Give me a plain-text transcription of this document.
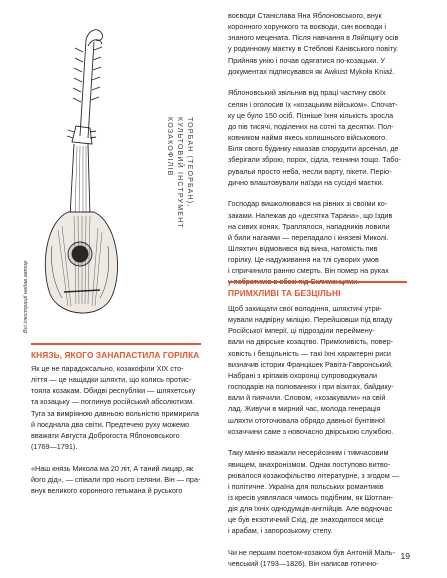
ТОРБАН (ТЕОРБАН),
КУЛЬТОВИЙ ІНСТРУМЕНТ
КОЗАКОФІЛІВ
Всі ілюстрації надав автор
КНЯЗЬ, ЯКОГО ЗАНАПАСТИЛА ГОРІЛКА

Як це не парадоксально, козакофіли XIX сто-
ліття — це нащадки шляхти, що колись протис-
тояла козакам. Обидві республіки — шляхетську
та козацьку — поглинув російський абсолютизм.
Туга за вимріяною давньою вольністю примирила
й поєднала два світи. Предтечею руху можемо
вважати Августа Доброгоста Яблоновського
(1769—1791).

«Наш князь Микола ма 20 літ, А таний лицар, як
його дід», — співали про нього селяни. Він — пра-
внук великого коронного гетьмана й руського

воєводи Станіслава Яна Яблоновського, внук
коронного хорунжого та воєводи, син воєводи і
знаного мецената. Після навчання в Ляйпцигу осів
у родинному маєтку в Стеблові Канівського повіту.
Прийняв унію і почав одягатися по-козацьки. У
документах підписувався як Awkust Mykoła Kniaź.

Яблоновський звільнив від праці частину своїх
селян і оголосив їх «козацьким військом». Спочат-
ку це було 150 осіб. Пізніше їхня кількість зросла
до пів тисячі, поділених на сотні та десятки. Пол-
ковником наймя якесь колишнього військового.
Біля свого будинку наказав спорудити арсенал, де
зберігали зброю, порох, сідла, технини тощо. Табо-
рувальи просто неба, несли варту, пікети. Періо-
дично влаштовували наїзди на сусідні маєтки.

Господар вишколювався на рівних зі своїми ко-
заками. Належав до «десятка Тарана», що їздив
на сивих конях. Траплялося, нападників ловили
й били нагаями — перепадало і князеві Миколі.
Шляхтич відмовився від вина, натомість пив
горілку. Це надуживання на тлі суворих умов
і спричинило ранню смерть. Він помер на руках

ПРИМХЛИВІ ТА БЕЗЦІЛЬНІ

Щоб захищати свої володіння, шляхтичі утри-
мували надвірну міліцію. Перейшовши під владу
Російської імперії, ці підрозділи переймену-
вали на двірське козацтво. Примхливість, повер-
ховість і безцільність — такі їхні характерні риси
визначив історик Францішек Равіта-Гавронський.
Набрані з кріпаків охоронці супроводжували
господарів на полюваннях і при візитах, байдику-
вали й пиячили. Словом, «козакували» на свій
лад. Живучи в мирний час, молода генерація
шляхти ототочювала обрядо давньої бунтівної
козаччини саме з новочасно двірською службою.

Таку манію вважали несерйозним і тимчасовим
явищем, анахронізмом. Однак поступово витво-
рювалося козакофільство літературне, з згодом —
і політичне. Україна для польських романтиків
із кресів уявлялася чимось подібним, як Шотлан-
дія для їхніх однодумців-англійців. Але водночас
це був екзотичний Схід, де знаходилося місце
і арабам, і запорозькому степу.

Чи не першим поетом-козаком був Антоній Маль-
чевський (1793—1826). Він написав готично-

19
